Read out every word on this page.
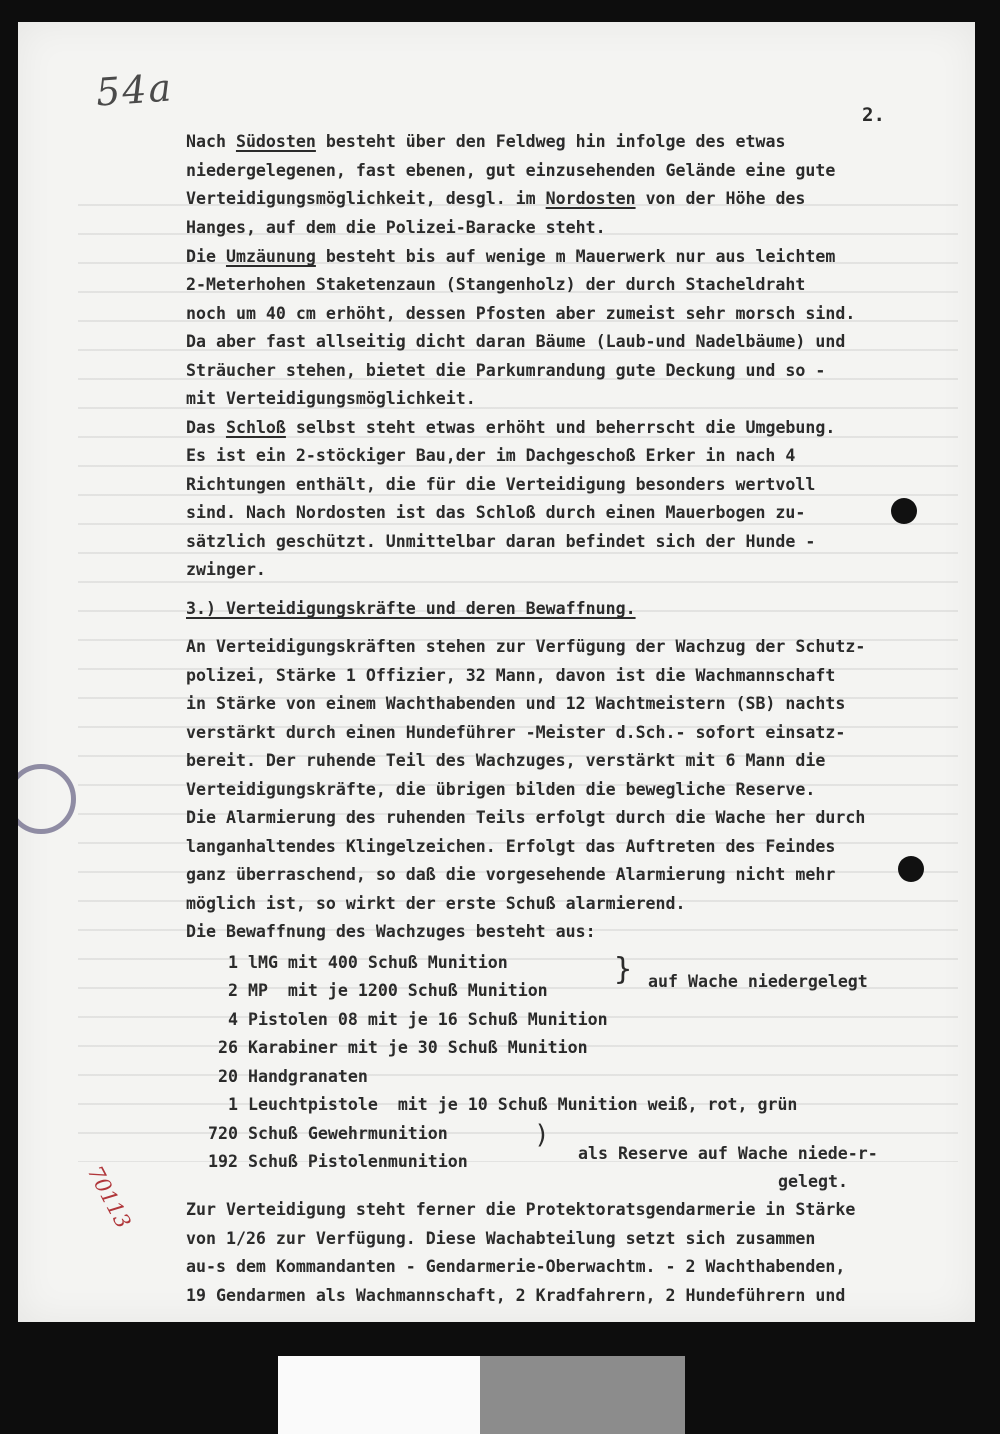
54a
2.
Nach Südosten besteht über den Feldweg hin infolge des etwas
niedergelegenen, fast ebenen, gut einzusehenden Gelände eine gute
Verteidigungsmöglichkeit, desgl. im Nordosten von der Höhe des
Hanges, auf dem die Polizei-Baracke steht.
Die Umzäunung besteht bis auf wenige m Mauerwerk nur aus leichtem
2-Meterhohen Staketenzaun (Stangenholz) der durch Stacheldraht
noch um 40 cm erhöht, dessen Pfosten aber zumeist sehr morsch sind.
Da aber fast allseitig dicht daran Bäume (Laub-und Nadelbäume) und
Sträucher stehen, bietet die Parkumrandung gute Deckung und so -
mit Verteidigungsmöglichkeit.
Das Schloß selbst steht etwas erhöht und beherrscht die Umgebung.
Es ist ein 2-stöckiger Bau,der im Dachgeschoß Erker in nach 4
Richtungen enthält, die für die Verteidigung besonders wertvoll
sind. Nach Nordosten ist das Schloß durch einen Mauerbogen zu-
sätzlich geschützt. Unmittelbar daran befindet sich der Hunde -
zwinger.
3.) Verteidigungskräfte und deren Bewaffnung.
An Verteidigungskräften stehen zur Verfügung der Wachzug der Schutz-
polizei, Stärke 1 Offizier, 32 Mann, davon ist die Wachmannschaft
in Stärke von einem Wachthabenden und 12 Wachtmeistern (SB) nachts
verstärkt durch einen Hundeführer -Meister d.Sch.- sofort einsatz-
bereit. Der ruhende Teil des Wachzuges, verstärkt mit 6 Mann die
Verteidigungskräfte, die übrigen bilden die bewegliche Reserve.
Die Alarmierung des ruhenden Teils erfolgt durch die Wache her durch
langanhaltendes Klingelzeichen. Erfolgt das Auftreten des Feindes
ganz überraschend, so daß die vorgesehende Alarmierung nicht mehr
möglich ist, so wirkt der erste Schuß alarmierend.
Die Bewaffnung des Wachzuges besteht aus:
1 lMG mit 400 Schuß Munition
2 MP  mit je 1200 Schuß Munition
4 Pistolen 08 mit je 16 Schuß Munition
26 Karabiner mit je 30 Schuß Munition
20 Handgranaten
1 Leuchtpistole  mit je 10 Schuß Munition weiß, rot, grün
720 Schuß Gewehrmunition
192 Schuß Pistolenmunition
} auf Wache niedergelegt
)
als Reserve auf Wache niede-r-
gelegt.
Zur Verteidigung steht ferner die Protektoratsgendarmerie in Stärke
von 1/26 zur Verfügung. Diese Wachabteilung setzt sich zusammen
au-s dem Kommandanten - Gendarmerie-Oberwachtm. - 2 Wachthabenden,
19 Gendarmen als Wachmannschaft, 2 Kradfahrern, 2 Hundeführern und
70113
